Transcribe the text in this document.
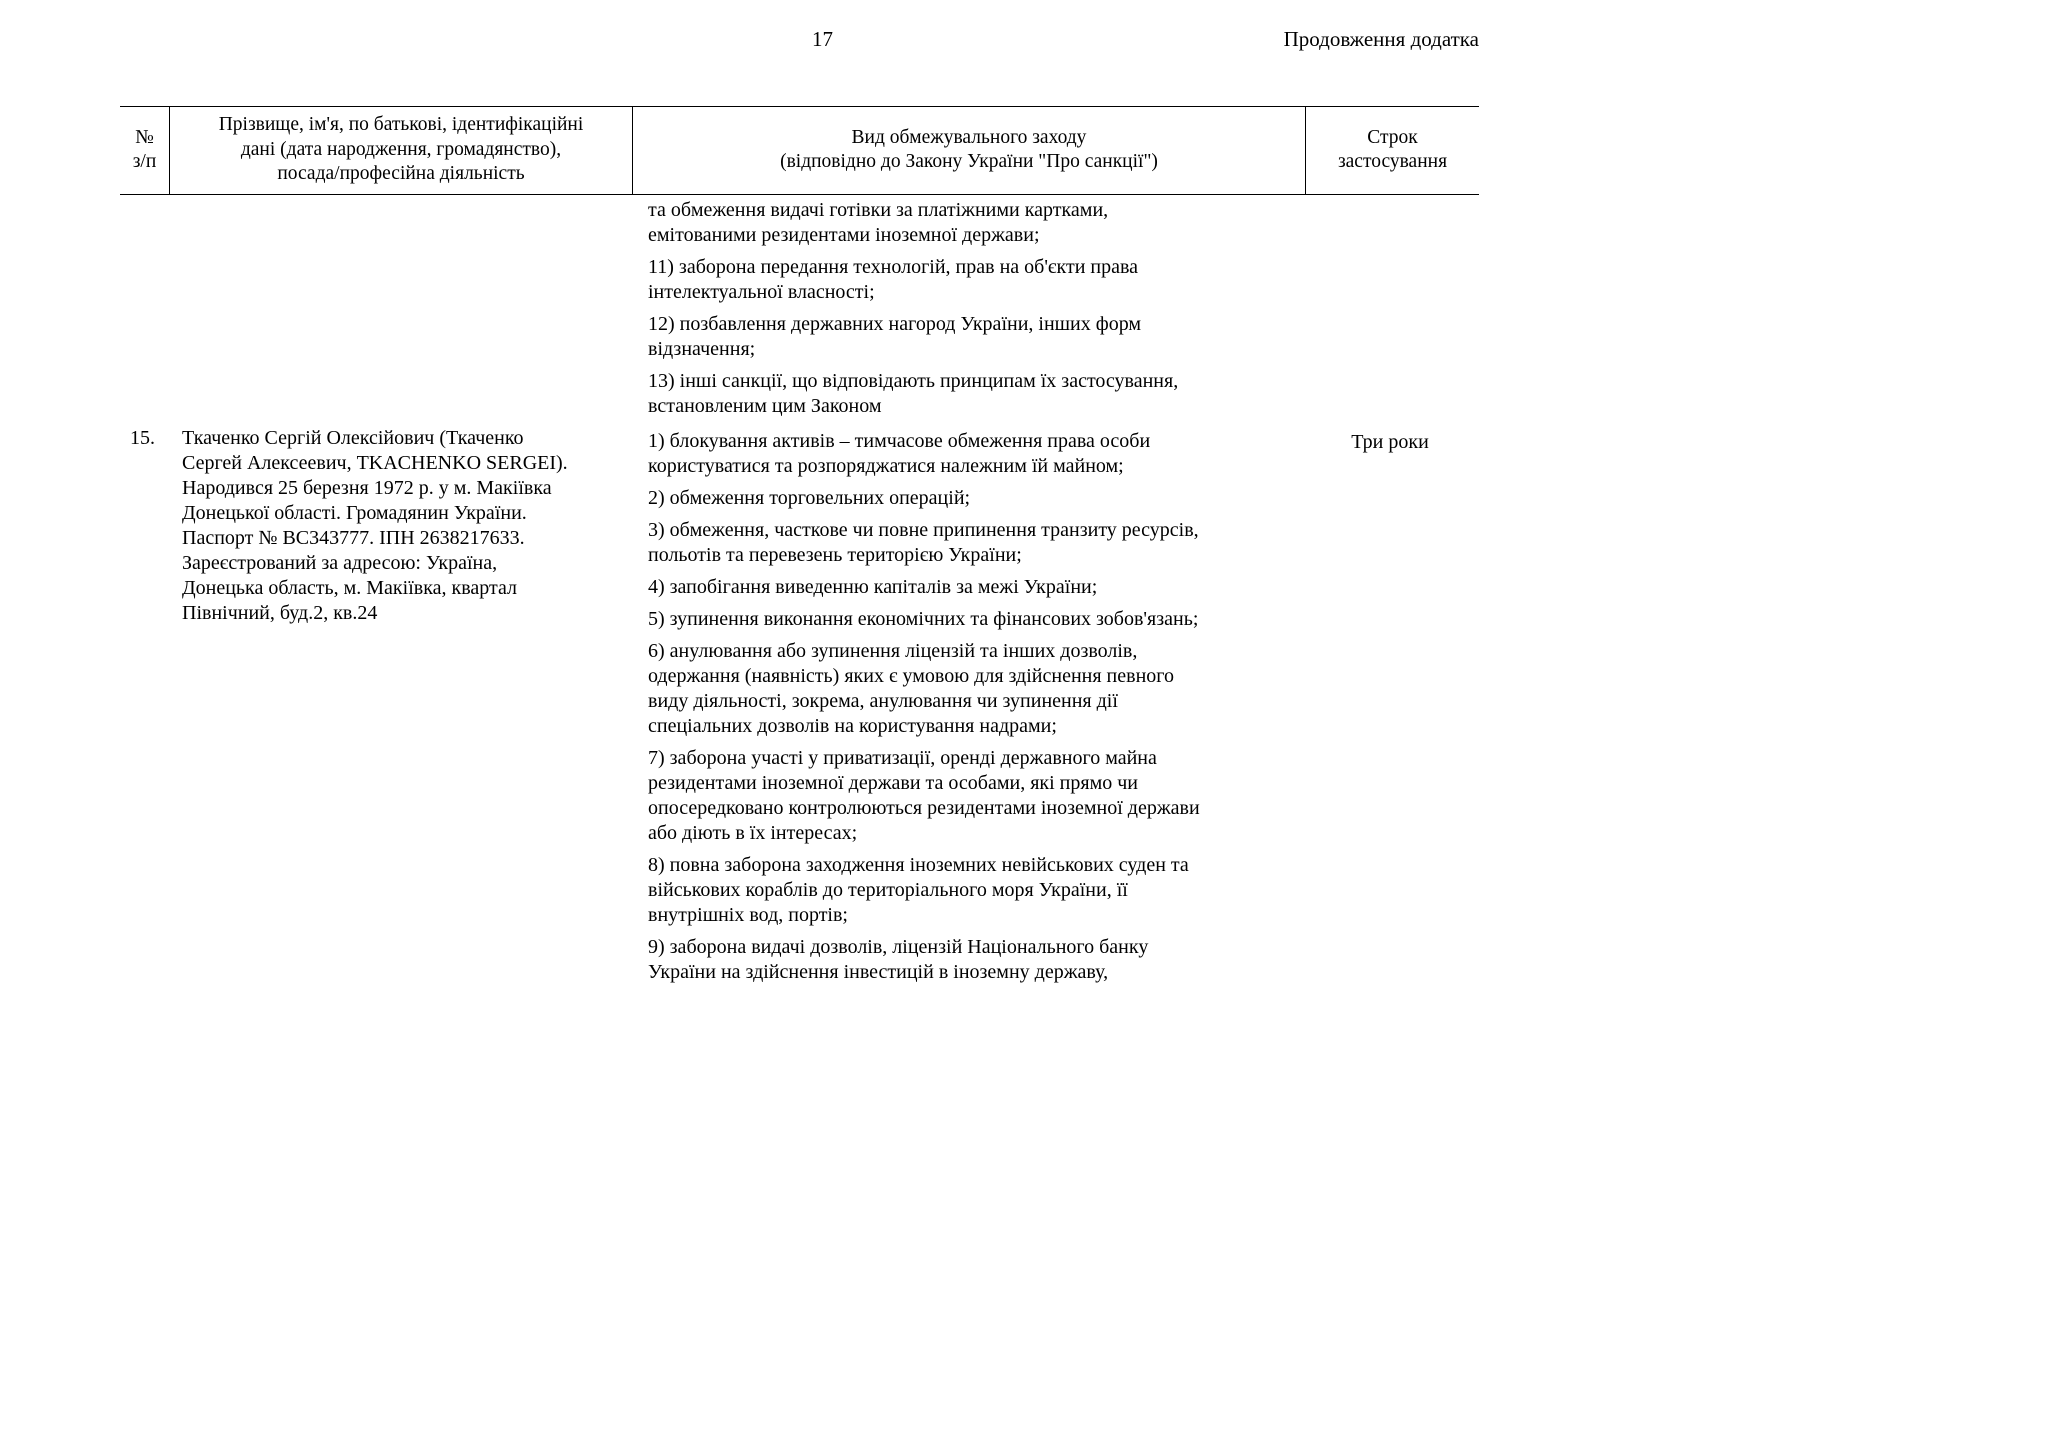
17	Продовження додатка
№
з/п
Прізвище, ім'я, по батькові, ідентифікаційні
дані (дата народження, громадянство),
посада/професійна діяльність
Вид обмежувального заходу
(відповідно до Закону України "Про санкції")
Строк
застосування
та обмеження видачі готівки за платіжними картками,
емітованими резидентами іноземної держави;
11) заборона передання технологій, прав на об'єкти права
інтелектуальної власності;
12) позбавлення державних нагород України, інших форм
відзначення;
13) інші санкції, що відповідають принципам їх застосування,
встановленим цим Законом
1) блокування активів – тимчасове обмеження права особи
користуватися та розпоряджатися належним їй майном;
2) обмеження торговельних операцій;
3) обмеження, часткове чи повне припинення транзиту ресурсів,
польотів та перевезень територією України;
4) запобігання виведенню капіталів за межі України;
5) зупинення виконання економічних та фінансових зобов'язань;
6) анулювання або зупинення ліцензій та інших дозволів,
одержання (наявність) яких є умовою для здійснення певного
виду діяльності, зокрема, анулювання чи зупинення дії
спеціальних дозволів на користування надрами;
7) заборона участі у приватизації, оренді державного майна
резидентами іноземної держави та особами, які прямо чи
опосередковано контролюються резидентами іноземної держави
або діють в їх інтересах;
8) повна заборона заходження іноземних невійськових суден та
військових кораблів до територіального моря України, її
внутрішніх вод, портів;
9) заборона видачі дозволів, ліцензій Національного банку
України на здійснення інвестицій в іноземну державу,
15. Ткаченко Сергій Олексійович (Ткаченко
Сергей Алексеевич, TKACHENKO SERGEI).
Народився 25 березня 1972 р. у м. Макіївка
Донецької області. Громадянин України.
Паспорт № ВС343777. ІПН 2638217633.
Зареєстрований за адресою: Україна,
Донецька область, м. Макіївка, квартал
Північний, буд.2, кв.24
Три роки
